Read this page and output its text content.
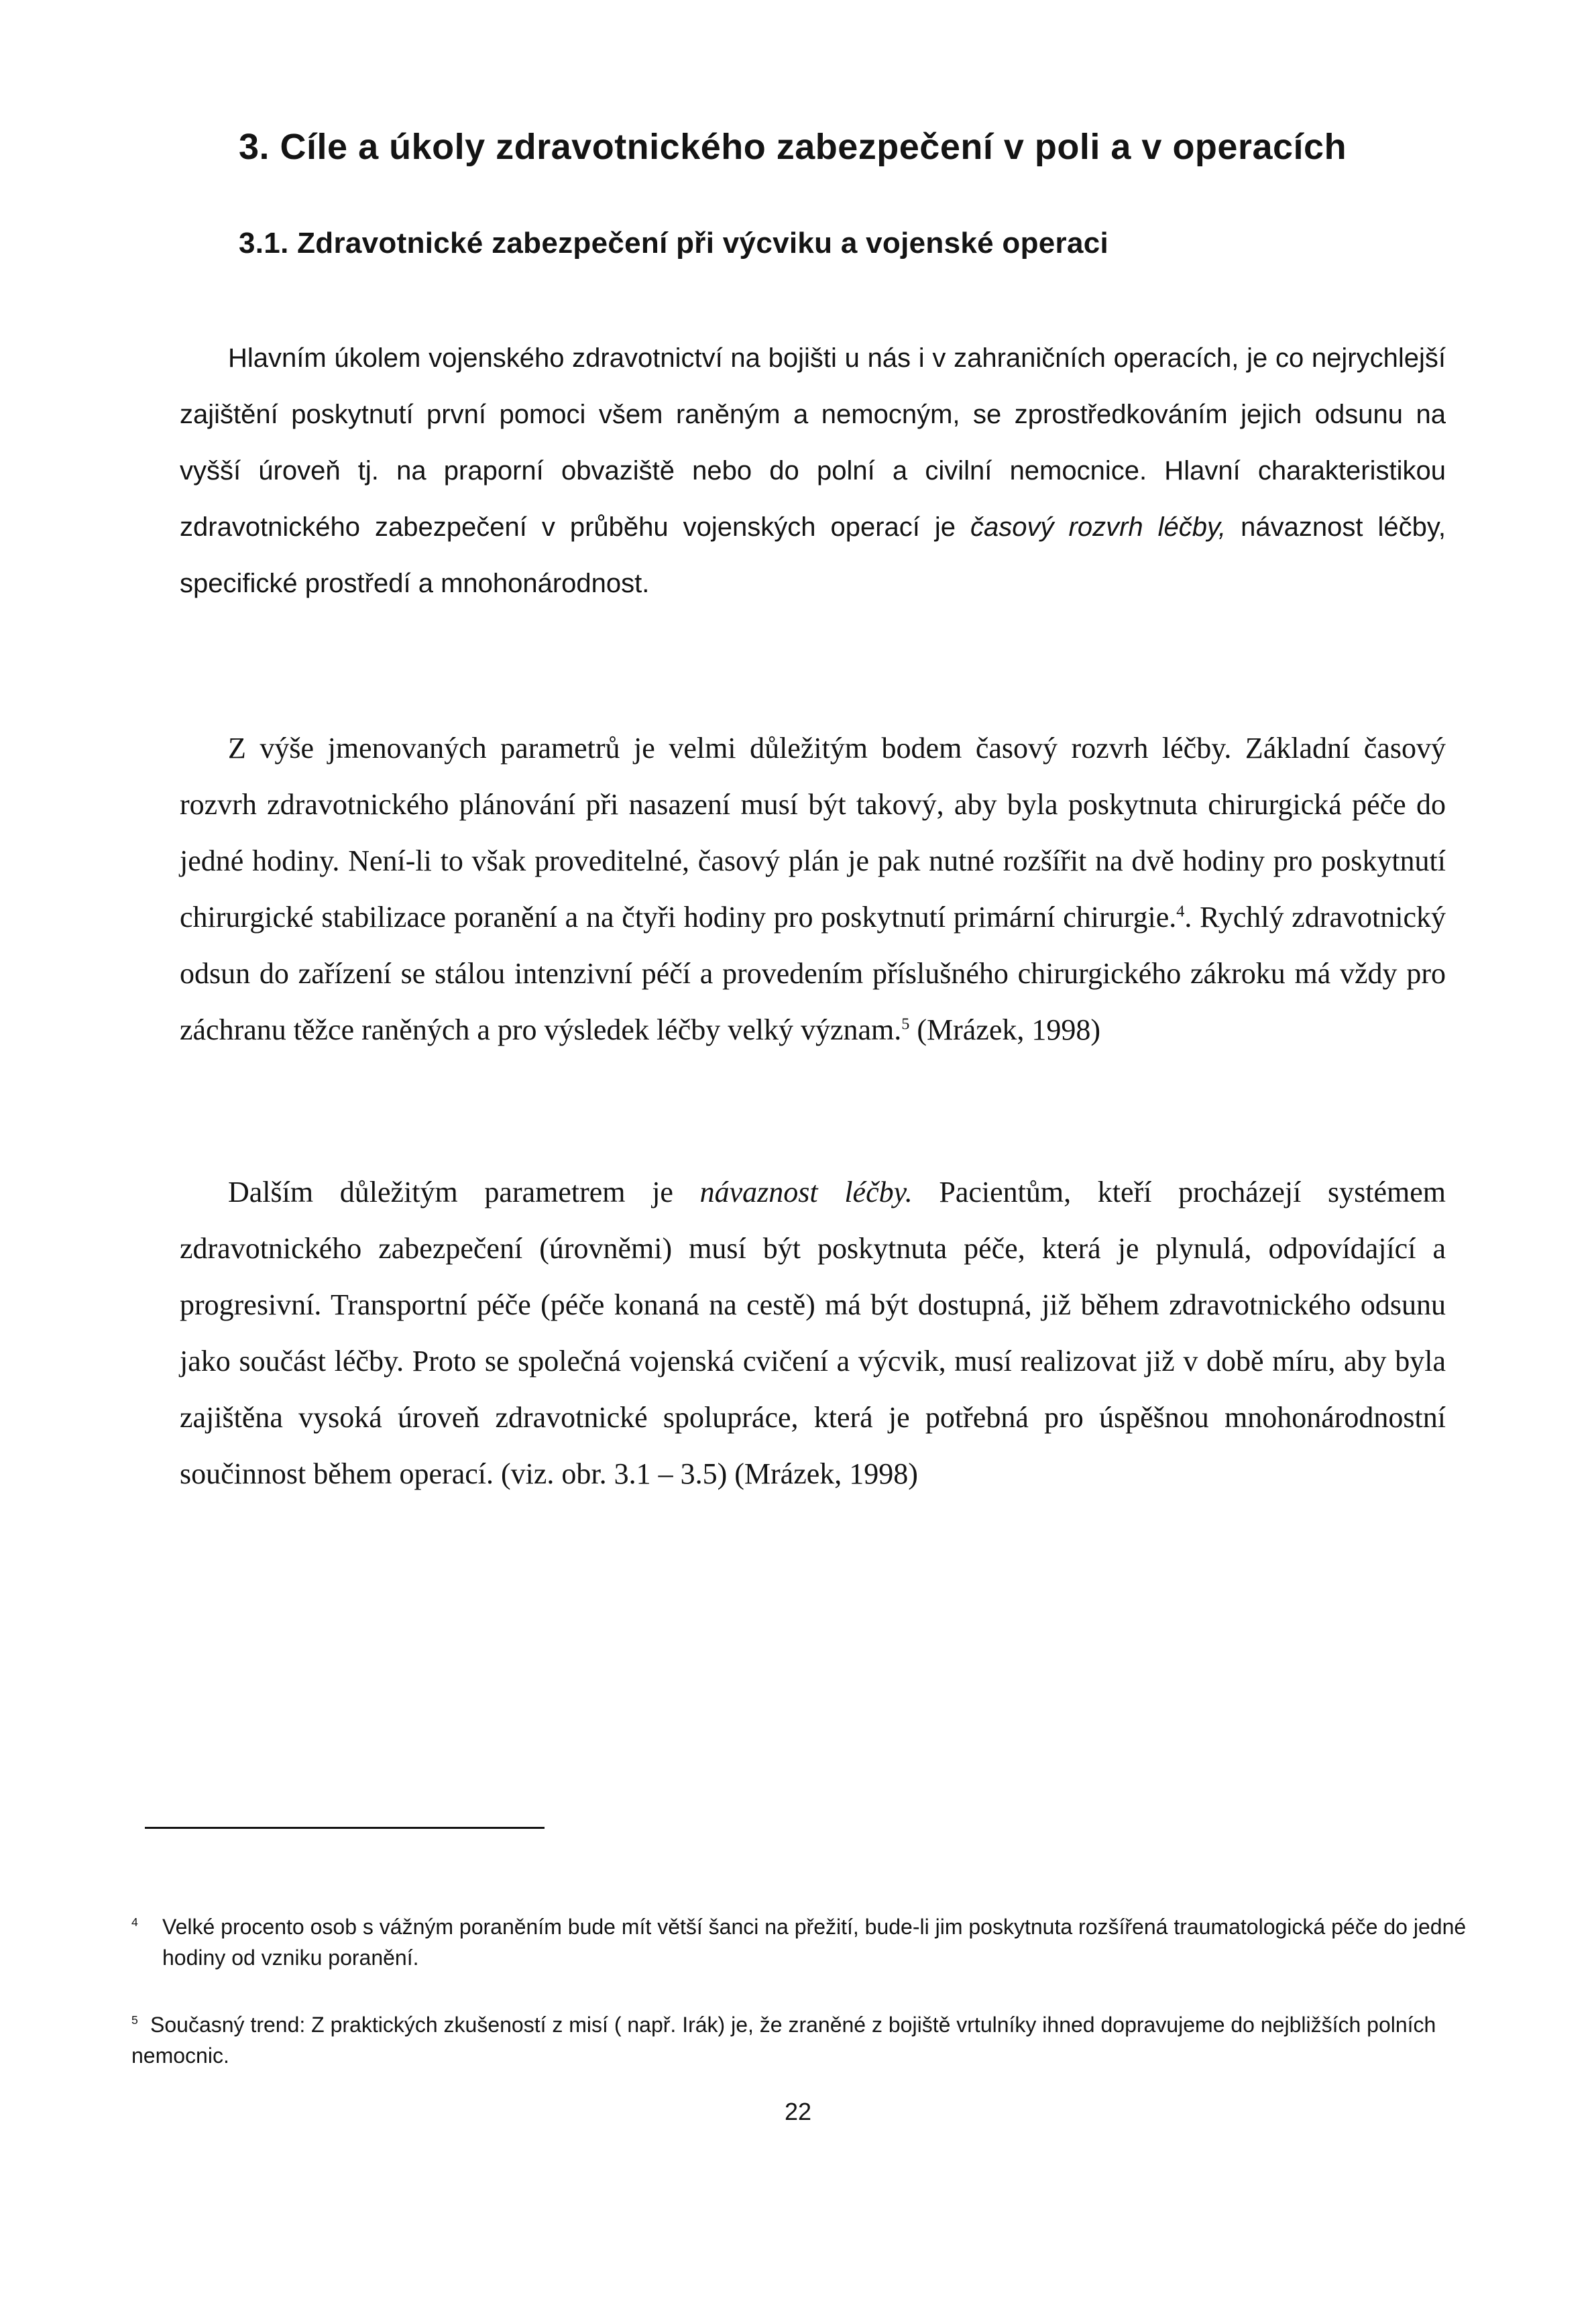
3. Cíle a úkoly zdravotnického zabezpečení v poli a v operacích
3.1. Zdravotnické zabezpečení při výcviku a vojenské operaci

Hlavním úkolem vojenského zdravotnictví na bojišti u nás i v zahraničních operacích, je co nejrychlejší zajištění poskytnutí první pomoci všem raněným a nemocným, se zprostředkováním jejich odsunu na vyšší úroveň tj. na praporní obvaziště nebo do polní a civilní nemocnice. Hlavní charakteristikou zdravotnického zabezpečení v průběhu vojenských operací je časový rozvrh léčby, návaznost léčby, specifické prostředí a mnohonárodnost.

Z výše jmenovaných parametrů je velmi důležitým bodem časový rozvrh léčby. Základní časový rozvrh zdravotnického plánování při nasazení musí být takový, aby byla poskytnuta chirurgická péče do jedné hodiny. Není-li to však proveditelné, časový plán je pak nutné rozšířit na dvě hodiny pro poskytnutí chirurgické stabilizace poranění a na čtyři hodiny pro poskytnutí primární chirurgie.$^4$. Rychlý zdravotnický odsun do zařízení se stálou intenzivní péčí a provedením příslušného chirurgického zákroku má vždy pro záchranu těžce raněných a pro výsledek léčby velký význam.$^5$ (Mrázek, 1998)

Dalším důležitým parametrem je návaznost léčby. Pacientům, kteří procházejí systémem zdravotnického zabezpečení (úrovněmi) musí být poskytnuta péče, která je plynulá, odpovídající a progresivní. Transportní péče (péče konaná na cestě) má být dostupná, již během zdravotnického odsunu jako součást léčby. Proto se společná vojenská cvičení a výcvik, musí realizovat již v době míru, aby byla zajištěna vysoká úroveň zdravotnické spolupráce, která je potřebná pro úspěšnou mnohonárodnostní součinnost během operací. (viz. obr. 3.1 – 3.5) (Mrázek, 1998)

$^4$ Velké procento osob s vážným poraněním bude mít větší šanci na přežití, bude-li jim poskytnuta rozšířená traumatologická péče do jedné hodiny od vzniku poranění.

$^5$ Současný trend: Z praktických zkušeností z misí ( např. Irák) je, že zraněné z bojiště vrtulníky ihned dopravujeme do nejbližších polních nemocnic.

22
